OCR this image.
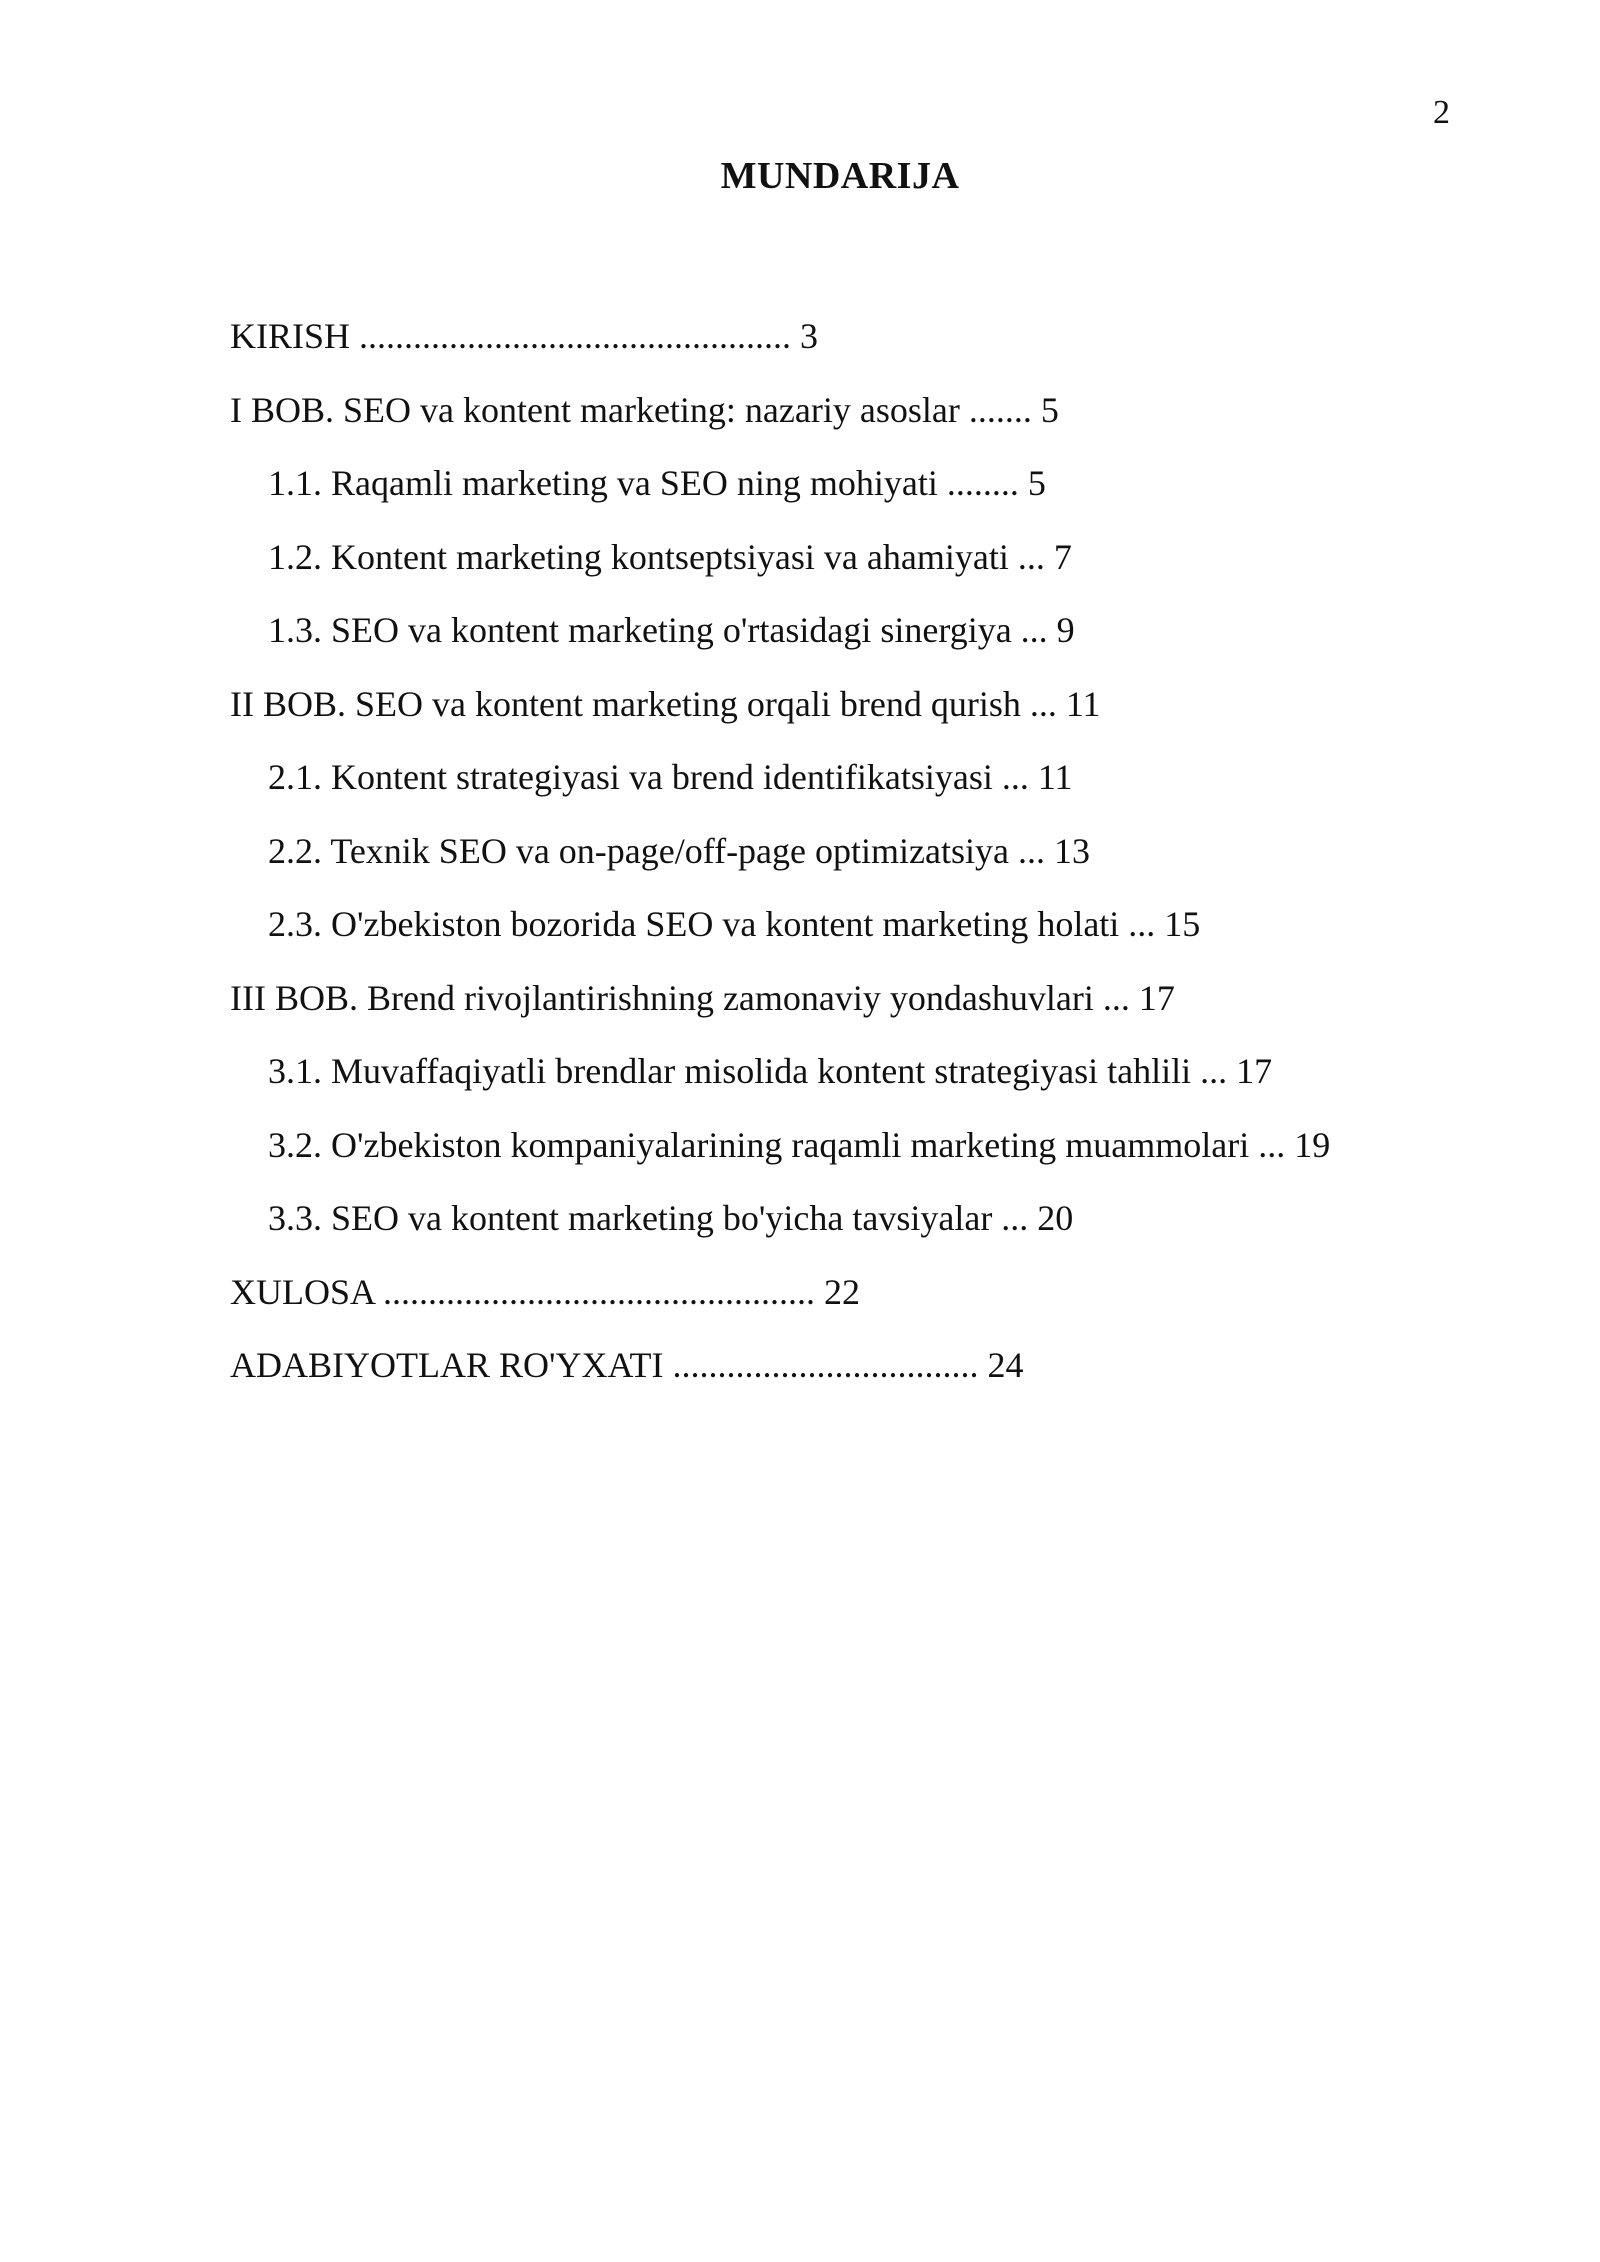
2
MUNDARIJA
KIRISH ................................................ 3
I BOB. SEO va kontent marketing: nazariy asoslar ....... 5
1.1. Raqamli marketing va SEO ning mohiyati ........ 5
1.2. Kontent marketing kontseptsiyasi va ahamiyati ... 7
1.3. SEO va kontent marketing o'rtasidagi sinergiya ... 9
II BOB. SEO va kontent marketing orqali brend qurish ... 11
2.1. Kontent strategiyasi va brend identifikatsiyasi ... 11
2.2. Texnik SEO va on-page/off-page optimizatsiya ... 13
2.3. O'zbekiston bozorida SEO va kontent marketing holati ... 15
III BOB. Brend rivojlantirishning zamonaviy yondashuvlari ... 17
3.1. Muvaffaqiyatli brendlar misolida kontent strategiyasi tahlili ... 17
3.2. O'zbekiston kompaniyalarining raqamli marketing muammolari ... 19
3.3. SEO va kontent marketing bo'yicha tavsiyalar ... 20
XULOSA ................................................ 22
ADABIYOTLAR RO'YXATI .................................. 24
